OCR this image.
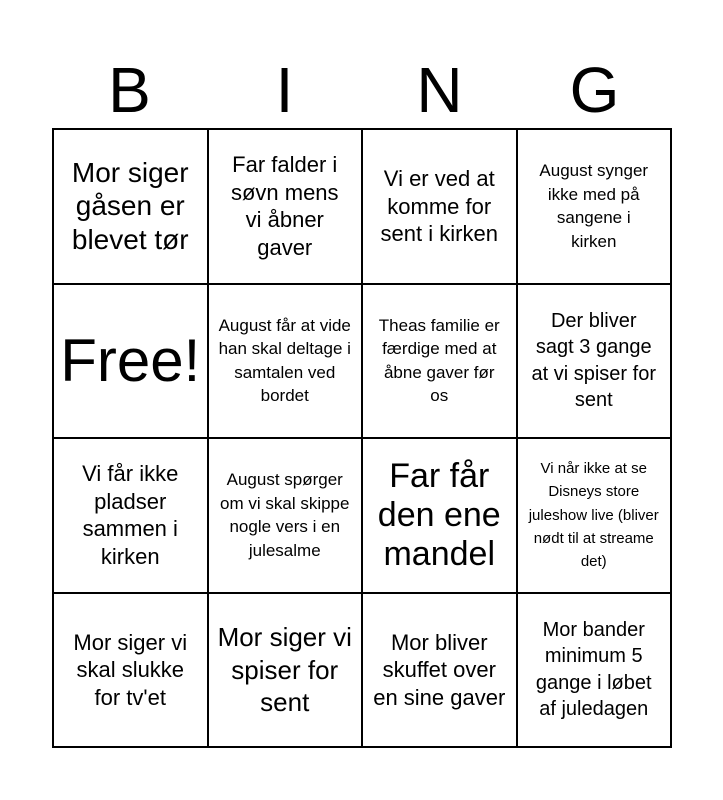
B	I	N	G
Mor siger gåsen er blevet tør
Far falder i søvn mens vi åbner gaver
Vi er ved at komme for sent i kirken
August synger ikke med på sangene i kirken
Free!
August får at vide han skal deltage i samtalen ved bordet
Theas familie er færdige med at åbne gaver før os
Der bliver sagt 3 gange at vi spiser for sent
Vi får ikke pladser sammen i kirken
August spørger om vi skal skippe nogle vers i en julesalme
Far får den ene mandel
Vi når ikke at se Disneys store juleshow live (bliver nødt til at streame det)
Mor siger vi skal slukke for tv'et
Mor siger vi spiser for sent
Mor bliver skuffet over en sine gaver
Mor bander minimum 5 gange i løbet af juledagen
